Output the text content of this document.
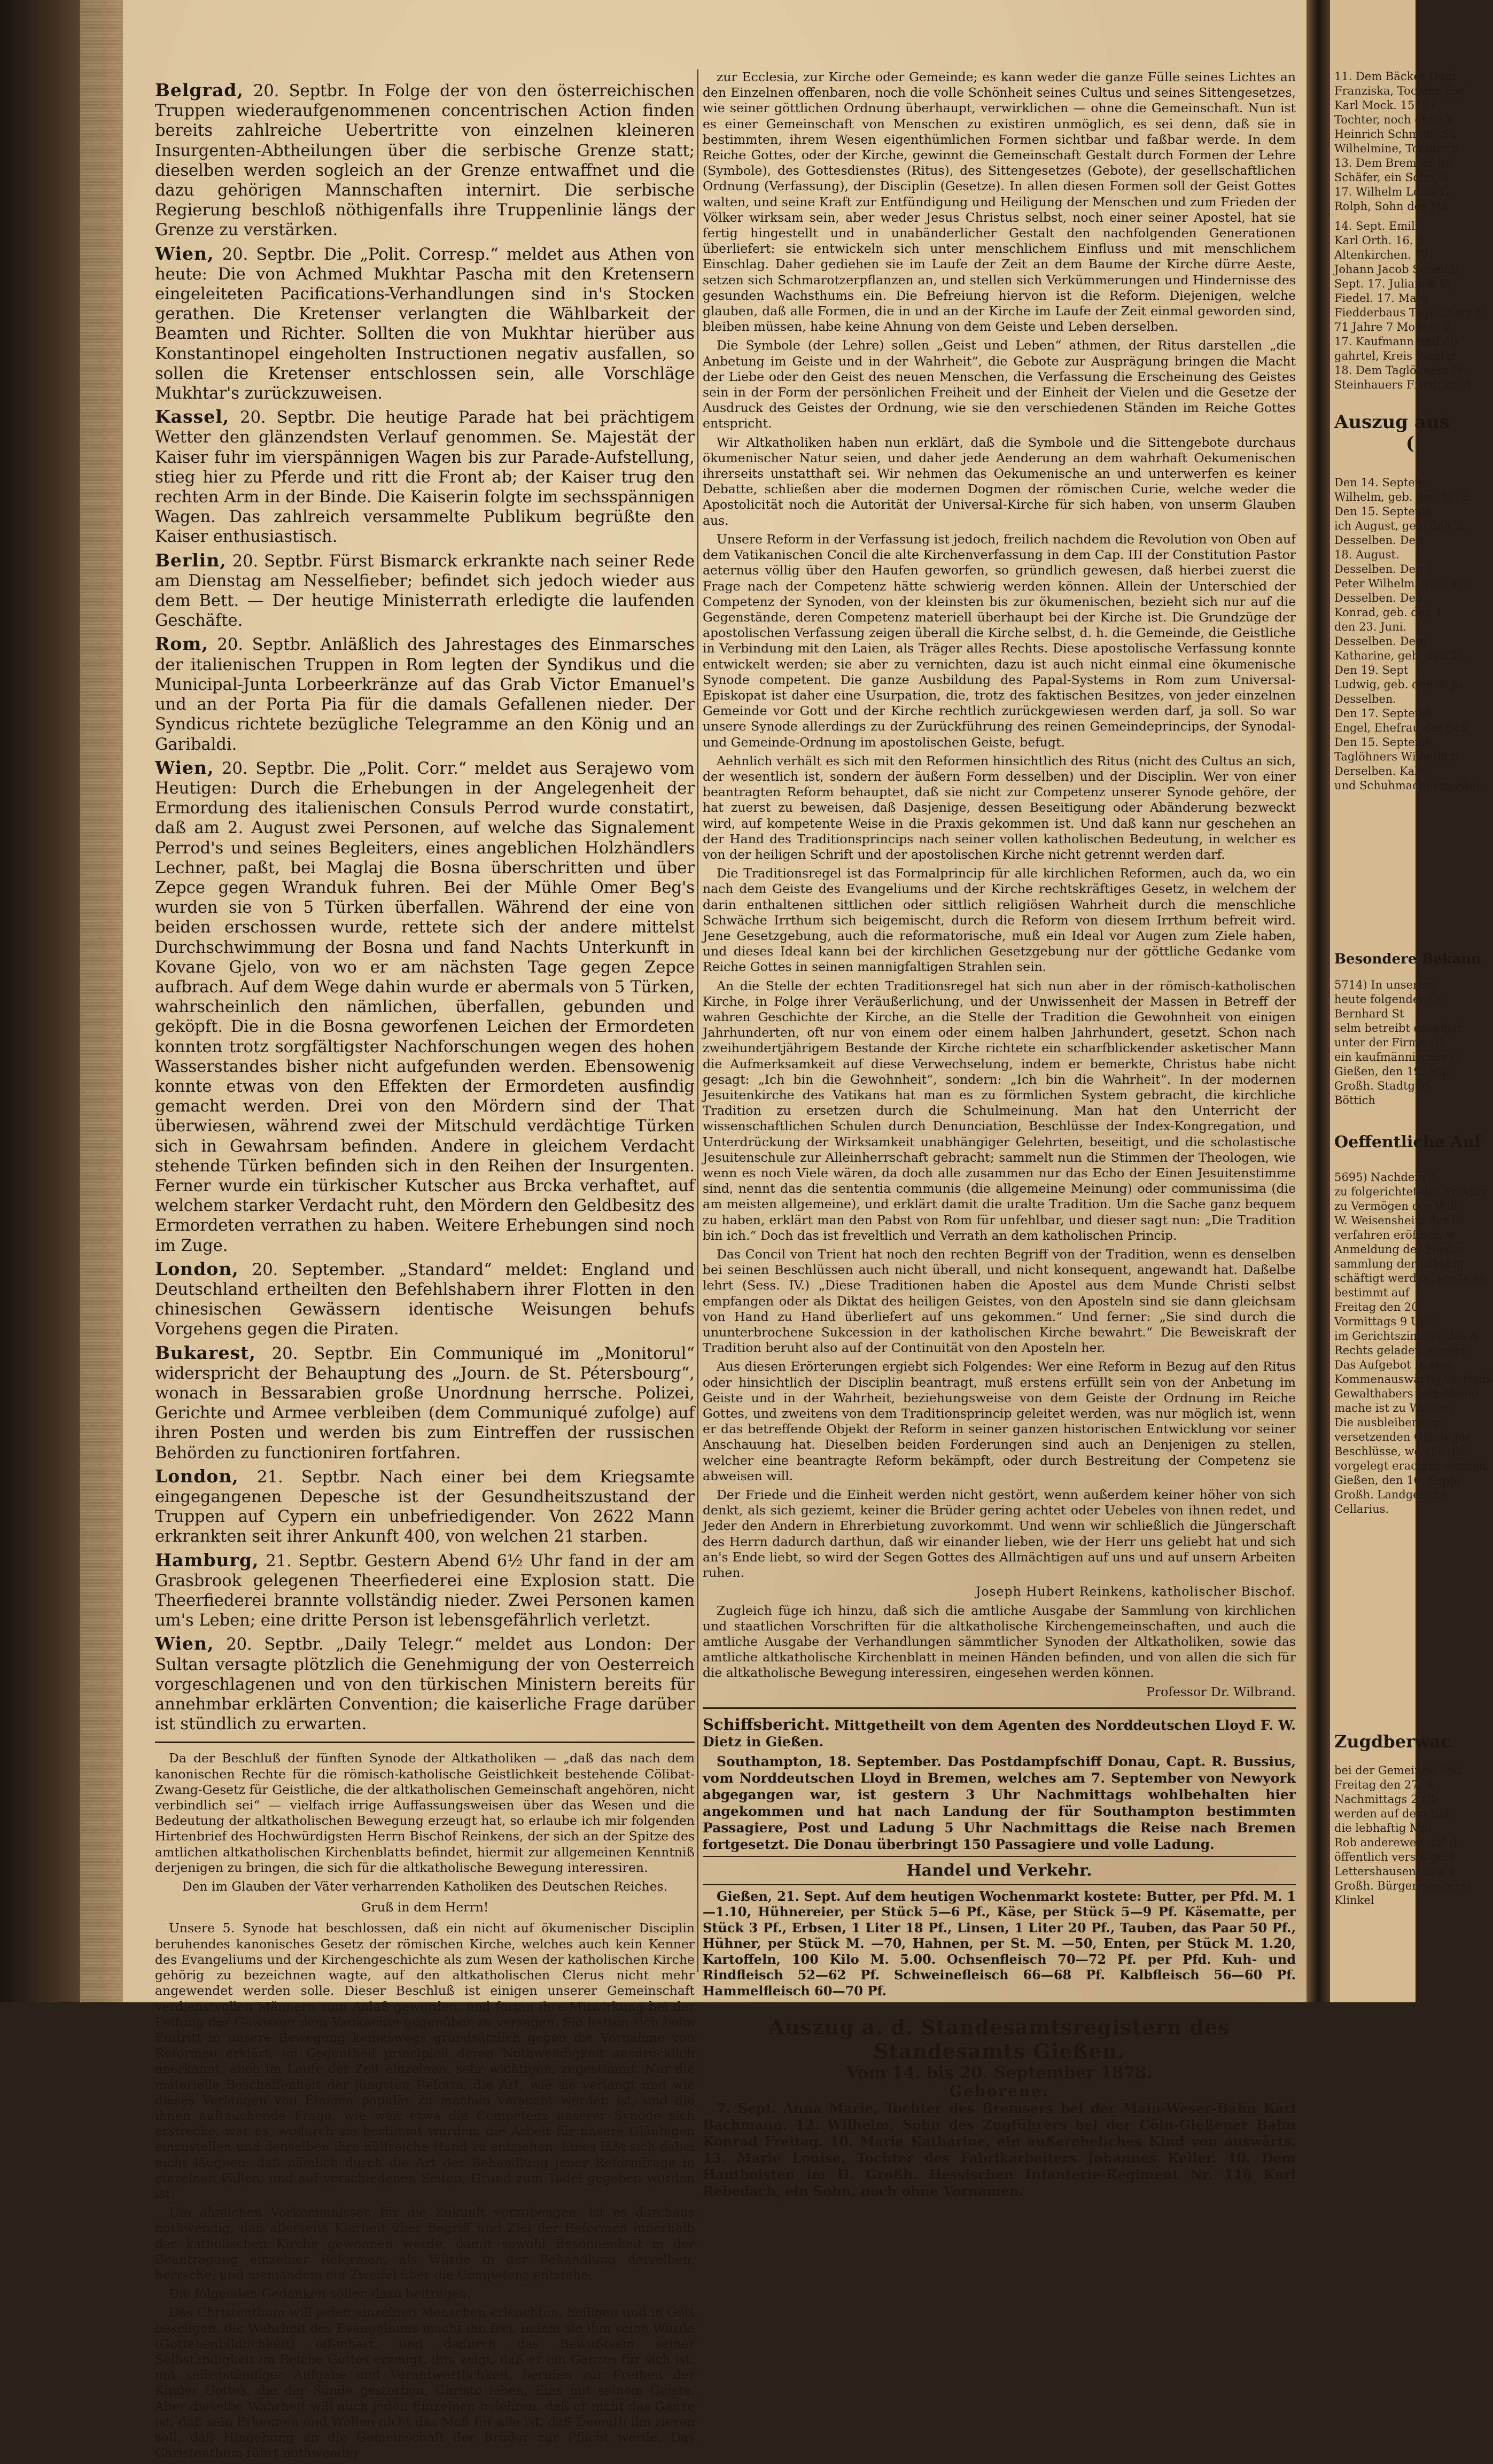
Belgrad, 20. Septbr. In Folge der von den österreichischen Truppen wiederaufgenommenen concentrischen Action finden bereits zahlreiche Uebertritte von einzelnen kleineren Insurgenten-Abtheilungen über die serbische Grenze statt; dieselben werden sogleich an der Grenze entwaffnet und die dazu gehörigen Mannschaften internirt. Die serbische Regierung beschloß nöthigenfalls ihre Truppenlinie längs der Grenze zu verstärken.

Wien, 20. Septbr. Die „Polit. Corresp.“ meldet aus Athen von heute: Die von Achmed Mukhtar Pascha mit den Kretensern eingeleiteten Pacifications-Verhandlungen sind in's Stocken gerathen. Die Kretenser verlangten die Wählbarkeit der Beamten und Richter. Sollten die von Mukhtar hierüber aus Konstantinopel eingeholten Instructionen negativ ausfallen, so sollen die Kretenser entschlossen sein, alle Vorschläge Mukhtar's zurückzuweisen.

Kassel, 20. Septbr. Die heutige Parade hat bei prächtigem Wetter den glänzendsten Verlauf genommen. Se. Majestät der Kaiser fuhr im vierspännigen Wagen bis zur Parade-Aufstellung, stieg hier zu Pferde und ritt die Front ab; der Kaiser trug den rechten Arm in der Binde. Die Kaiserin folgte im sechsspännigen Wagen. Das zahlreich versammelte Publikum begrüßte den Kaiser enthusiastisch.

Berlin, 20. Septbr. Fürst Bismarck erkrankte nach seiner Rede am Dienstag am Nesselfieber; befindet sich jedoch wieder aus dem Bett. — Der heutige Ministerrath erledigte die laufenden Geschäfte.

Rom, 20. Septbr. Anläßlich des Jahrestages des Einmarsches der italienischen Truppen in Rom legten der Syndikus und die Municipal-Junta Lorbeerkränze auf das Grab Victor Emanuel's und an der Porta Pia für die damals Gefallenen nieder. Der Syndicus richtete bezügliche Telegramme an den König und an Garibaldi.

Wien, 20. Septbr. Die „Polit. Corr.“ meldet aus Serajewo vom Heutigen: Durch die Erhebungen in der Angelegenheit der Ermordung des italienischen Consuls Perrod wurde constatirt, daß am 2. August zwei Personen, auf welche das Signalement Perrod's und seines Begleiters, eines angeblichen Holzhändlers Lechner, paßt, bei Maglaj die Bosna überschritten und über Zepce gegen Wranduk fuhren. Bei der Mühle Omer Beg's wurden sie von 5 Türken überfallen. Während der eine von beiden erschossen wurde, rettete sich der andere mittelst Durchschwimmung der Bosna und fand Nachts Unterkunft in Kovane Gjelo, von wo er am nächsten Tage gegen Zepce aufbrach. Auf dem Wege dahin wurde er abermals von 5 Türken, wahrscheinlich den nämlichen, überfallen, gebunden und geköpft. Die in die Bosna geworfenen Leichen der Ermordeten konnten trotz sorgfältigster Nachforschungen wegen des hohen Wasserstandes bisher nicht aufgefunden werden. Ebensowenig konnte etwas von den Effekten der Ermordeten ausfindig gemacht werden. Drei von den Mördern sind der That überwiesen, während zwei der Mitschuld verdächtige Türken sich in Gewahrsam befinden. Andere in gleichem Verdacht stehende Türken befinden sich in den Reihen der Insurgenten. Ferner wurde ein türkischer Kutscher aus Brcka verhaftet, auf welchem starker Verdacht ruht, den Mördern den Geldbesitz des Ermordeten verrathen zu haben. Weitere Erhebungen sind noch im Zuge.

London, 20. September. „Standard“ meldet: England und Deutschland ertheilten den Befehlshabern ihrer Flotten in den chinesischen Gewässern identische Weisungen behufs Vorgehens gegen die Piraten.

Bukarest, 20. Septbr. Ein Communiqué im „Monitorul“ widerspricht der Behauptung des „Journ. de St. Pétersbourg“, wonach in Bessarabien große Unordnung herrsche. Polizei, Gerichte und Armee verbleiben (dem Communiqué zufolge) auf ihren Posten und werden bis zum Eintreffen der russischen Behörden zu functioniren fortfahren.

London, 21. Septbr. Nach einer bei dem Kriegsamte eingegangenen Depesche ist der Gesundheitszustand der Truppen auf Cypern ein unbefriedigender. Von 2622 Mann erkrankten seit ihrer Ankunft 400, von welchen 21 starben.

Hamburg, 21. Septbr. Gestern Abend 6½ Uhr fand in der am Grasbrook gelegenen Theerfiederei eine Explosion statt. Die Theerfiederei brannte vollständig nieder. Zwei Personen kamen um's Leben; eine dritte Person ist lebensgefährlich verletzt.

Wien, 20. Septbr. „Daily Telegr.“ meldet aus London: Der Sultan versagte plötzlich die Genehmigung der von Oesterreich vorgeschlagenen und von den türkischen Ministern bereits für annehmbar erklärten Convention; die kaiserliche Frage darüber ist stündlich zu erwarten.

Da der Beschluß der fünften Synode der Altkatholiken — „daß das nach dem kanonischen Rechte für die römisch-katholische Geistlichkeit bestehende Cölibat-Zwang-Gesetz für Geistliche, die der altkatholischen Gemeinschaft angehören, nicht verbindlich sei“ — vielfach irrige Auffassungsweisen über das Wesen und die Bedeutung der altkatholischen Bewegung erzeugt hat, so erlaube ich mir folgenden Hirtenbrief des Hochwürdigsten Herrn Bischof Reinkens, der sich an der Spitze des amtlichen altkatholischen Kirchenblatts befindet, hiermit zur allgemeinen Kenntniß derjenigen zu bringen, die sich für die altkatholische Bewegung interessiren.

Den im Glauben der Väter verharrenden Katholiken des Deutschen Reiches.

Gruß in dem Herrn!

Unsere 5. Synode hat beschlossen, daß ein nicht auf ökumenischer Disciplin beruhendes kanonisches Gesetz der römischen Kirche, welches auch kein Kenner des Evangeliums und der Kirchengeschichte als zum Wesen der katholischen Kirche gehörig zu bezeichnen wagte, auf den altkatholischen Clerus nicht mehr angewendet werden solle. Dieser Beschluß ist einigen unserer Gemeinschaft verdienstvollen Männern zum Anlaß geworden, und fortan ihre Mitwirkung bei der Leitung der Gewissen dem Vatikanum gegenüber zu versagen. Sie hatten sich beim Eintritt in unsere Bewegung keineswegs grundsätzlich gegen die Vornahme von Reformen erklärt, im Gegentheil principiell deren Nothwendigkeit ausdrücklich anerkannt, auch im Laufe der Zeit einzelnen, sehr wichtigen, zugestimmt. Nur die materielle Beschaffenheit der jüngsten Reform, die Art, wie sie verlangt und wie dieses Verlangen von Einigen populär zu machen versucht worden ist, und die ihnen auftauchende Frage, wie weit etwa die Competenz unserer Synode sich erstrecke, war es, wodurch sie bestimmt wurden, die Arbeit für unsere Gläubigen einzustellen und denselben ihre hülfreiche Hand zu entziehen. Eines läßt sich dabei nicht läugnen: daß nämlich durch die Art der Behandlung jener Reformfrage in einzelnen Fällen, und auf verschiedenen Seiten, Grund zum Tadel gegeben worden ist.

Um ähnlichen Vorkommnissen für die Zukunft vorzubeugen, ist es durchaus nothwendig, daß allerseits Klarheit über Begriff und Ziel der Reformen innerhalb der katholischen Kirche gewonnen werde, damit sowohl Besonnenheit in der Beantragung einzelner Reformen, als Würde in der Behandlung derselben, herrsche, und niemandem ein Zweifel über die Competenz entstehe.

Die folgenden Gedanken sollen dazu beitragen.

Das Christenthum will jeden einzelnen Menschen erleuchten, heiligen und in Gott beseligen, die Wahrheit des Evangeliums macht ihn frei, indem sie ihm seine Würde (Gottebenbildlichkeit) offenbart, und dadurch das Bewußtsein seiner Selbständigkeit im Reiche Gottes erzeugt, ihm zeigt, daß er ein Ganzes für sich ist, mit selbstständiger Aufgabe und Verantwortlichkeit, berufen zur Freiheit der Kinder Gottes, die der Sünde gestorben, Christo leben, Eins mit seinem Geiste. Aber dieselbe Wahrheit will auch jeden Einzelnen belehren, daß er nicht das Ganze ist, daß sein Erkennen und Wollen nicht das Maß für alle ist, daß Demuth ihn zieren soll, daß Hingebung an die Gemeinschaft der Brüder zur Pflicht werde. Das Christenthum führt nothwendig

zur Ecclesia, zur Kirche oder Gemeinde; es kann weder die ganze Fülle seines Lichtes an den Einzelnen offenbaren, noch die volle Schönheit seines Cultus und seines Sittengesetzes, wie seiner göttlichen Ordnung überhaupt, verwirklichen — ohne die Gemeinschaft. Nun ist es einer Gemeinschaft von Menschen zu existiren unmöglich, es sei denn, daß sie in bestimmten, ihrem Wesen eigenthümlichen Formen sichtbar und faßbar werde. In dem Reiche Gottes, oder der Kirche, gewinnt die Gemeinschaft Gestalt durch Formen der Lehre (Symbole), des Gottesdienstes (Ritus), des Sittengesetzes (Gebote), der gesellschaftlichen Ordnung (Verfassung), der Disciplin (Gesetze). In allen diesen Formen soll der Geist Gottes walten, und seine Kraft zur Entfündigung und Heiligung der Menschen und zum Frieden der Völker wirksam sein, aber weder Jesus Christus selbst, noch einer seiner Apostel, hat sie fertig hingestellt und in unabänderlicher Gestalt den nachfolgenden Generationen überliefert: sie entwickeln sich unter menschlichem Einfluss und mit menschlichem Einschlag. Daher gediehen sie im Laufe der Zeit an dem Baume der Kirche dürre Aeste, setzen sich Schmarotzerpflanzen an, und stellen sich Verkümmerungen und Hindernisse des gesunden Wachsthums ein. Die Befreiung hiervon ist die Reform. Diejenigen, welche glauben, daß alle Formen, die in und an der Kirche im Laufe der Zeit einmal geworden sind, bleiben müssen, habe keine Ahnung von dem Geiste und Leben derselben.

Die Symbole (der Lehre) sollen „Geist und Leben“ athmen, der Ritus darstellen „die Anbetung im Geiste und in der Wahrheit“, die Gebote zur Ausprägung bringen die Macht der Liebe oder den Geist des neuen Menschen, die Verfassung die Erscheinung des Geistes sein in der Form der persönlichen Freiheit und der Einheit der Vielen und die Gesetze der Ausdruck des Geistes der Ordnung, wie sie den verschiedenen Ständen im Reiche Gottes entspricht.

Wir Altkatholiken haben nun erklärt, daß die Symbole und die Sittengebote durchaus ökumenischer Natur seien, und daher jede Aenderung an dem wahrhaft Oekumenischen ihrerseits unstatthaft sei. Wir nehmen das Oekumenische an und unterwerfen es keiner Debatte, schließen aber die modernen Dogmen der römischen Curie, welche weder die Apostolicität noch die Autorität der Universal-Kirche für sich haben, von unserm Glauben aus.

Unsere Reform in der Verfassung ist jedoch, freilich nachdem die Revolution von Oben auf dem Vatikanischen Concil die alte Kirchenverfassung in dem Cap. III der Constitution Pastor aeternus völlig über den Haufen geworfen, so gründlich gewesen, daß hierbei zuerst die Frage nach der Competenz hätte schwierig werden können. Allein der Unterschied der Competenz der Synoden, von der kleinsten bis zur ökumenischen, bezieht sich nur auf die Gegenstände, deren Competenz materiell überhaupt bei der Kirche ist. Die Grundzüge der apostolischen Verfassung zeigen überall die Kirche selbst, d. h. die Gemeinde, die Geistliche in Verbindung mit den Laien, als Träger alles Rechts. Diese apostolische Verfassung konnte entwickelt werden; sie aber zu vernichten, dazu ist auch nicht einmal eine ökumenische Synode competent. Die ganze Ausbildung des Papal-Systems in Rom zum Universal-Episkopat ist daher eine Usurpation, die, trotz des faktischen Besitzes, von jeder einzelnen Gemeinde vor Gott und der Kirche rechtlich zurückgewiesen werden darf, ja soll. So war unsere Synode allerdings zu der Zurückführung des reinen Gemeindeprincips, der Synodal- und Gemeinde-Ordnung im apostolischen Geiste, befugt.

Aehnlich verhält es sich mit den Reformen hinsichtlich des Ritus (nicht des Cultus an sich, der wesentlich ist, sondern der äußern Form desselben) und der Disciplin. Wer von einer beantragten Reform behauptet, daß sie nicht zur Competenz unserer Synode gehöre, der hat zuerst zu beweisen, daß Dasjenige, dessen Beseitigung oder Abänderung bezweckt wird, auf kompetente Weise in die Praxis gekommen ist. Und daß kann nur geschehen an der Hand des Traditionsprincips nach seiner vollen katholischen Bedeutung, in welcher es von der heiligen Schrift und der apostolischen Kirche nicht getrennt werden darf.

Die Traditionsregel ist das Formalprincip für alle kirchlichen Reformen, auch da, wo ein nach dem Geiste des Evangeliums und der Kirche rechtskräftiges Gesetz, in welchem der darin enthaltenen sittlichen oder sittlich religiösen Wahrheit durch die menschliche Schwäche Irrthum sich beigemischt, durch die Reform von diesem Irrthum befreit wird. Jene Gesetzgebung, auch die reformatorische, muß ein Ideal vor Augen zum Ziele haben, und dieses Ideal kann bei der kirchlichen Gesetzgebung nur der göttliche Gedanke vom Reiche Gottes in seinen mannigfaltigen Strahlen sein.

An die Stelle der echten Traditionsregel hat sich nun aber in der römisch-katholischen Kirche, in Folge ihrer Veräußerlichung, und der Unwissenheit der Massen in Betreff der wahren Geschichte der Kirche, an die Stelle der Tradition die Gewohnheit von einigen Jahrhunderten, oft nur von einem oder einem halben Jahrhundert, gesetzt. Schon nach zweihundertjährigem Bestande der Kirche richtete ein scharfblickender asketischer Mann die Aufmerksamkeit auf diese Verwechselung, indem er bemerkte, Christus habe nicht gesagt: „Ich bin die Gewohnheit“, sondern: „Ich bin die Wahrheit“. In der modernen Jesuitenkirche des Vatikans hat man es zu förmlichen System gebracht, die kirchliche Tradition zu ersetzen durch die Schulmeinung. Man hat den Unterricht der wissenschaftlichen Schulen durch Denunciation, Beschlüsse der Index-Kongregation, und Unterdrückung der Wirksamkeit unabhängiger Gelehrten, beseitigt, und die scholastische Jesuitenschule zur Alleinherrschaft gebracht; sammelt nun die Stimmen der Theologen, wie wenn es noch Viele wären, da doch alle zusammen nur das Echo der Einen Jesuitenstimme sind, nennt das die sententia communis (die allgemeine Meinung) oder communissima (die am meisten allgemeine), und erklärt damit die uralte Tradition. Um die Sache ganz bequem zu haben, erklärt man den Pabst von Rom für unfehlbar, und dieser sagt nun: „Die Tradition bin ich.“ Doch das ist freveltlich und Verrath an dem katholischen Princip.

Das Concil von Trient hat noch den rechten Begriff von der Tradition, wenn es denselben bei seinen Beschlüssen auch nicht überall, und nicht konsequent, angewandt hat. Daßelbe lehrt (Sess. IV.) „Diese Traditionen haben die Apostel aus dem Munde Christi selbst empfangen oder als Diktat des heiligen Geistes, von den Aposteln sind sie dann gleichsam von Hand zu Hand überliefert auf uns gekommen.“ Und ferner: „Sie sind durch die ununterbrochene Sukcession in der katholischen Kirche bewahrt.“ Die Beweiskraft der Tradition beruht also auf der Continuität von den Aposteln her.

Aus diesen Erörterungen ergiebt sich Folgendes: Wer eine Reform in Bezug auf den Ritus oder hinsichtlich der Disciplin beantragt, muß erstens erfüllt sein von der Anbetung im Geiste und in der Wahrheit, beziehungsweise von dem Geiste der Ordnung im Reiche Gottes, und zweitens von dem Traditionsprincip geleitet werden, was nur möglich ist, wenn er das betreffende Objekt der Reform in seiner ganzen historischen Entwicklung vor seiner Anschauung hat. Dieselben beiden Forderungen sind auch an Denjenigen zu stellen, welcher eine beantragte Reform bekämpft, oder durch Bestreitung der Competenz sie abweisen will.

Der Friede und die Einheit werden nicht gestört, wenn außerdem keiner höher von sich denkt, als sich geziemt, keiner die Brüder gering achtet oder Uebeles von ihnen redet, und Jeder den Andern in Ehrerbietung zuvorkommt. Und wenn wir schließlich die Jüngerschaft des Herrn dadurch darthun, daß wir einander lieben, wie der Herr uns geliebt hat und sich an's Ende liebt, so wird der Segen Gottes des Allmächtigen auf uns und auf unsern Arbeiten ruhen.

Joseph Hubert Reinkens, katholischer Bischof.

Zugleich füge ich hinzu, daß sich die amtliche Ausgabe der Sammlung von kirchlichen und staatlichen Vorschriften für die altkatholische Kirchengemeinschaften, und auch die amtliche Ausgabe der Verhandlungen sämmtlicher Synoden der Altkatholiken, sowie das amtliche altkatholische Kirchenblatt in meinen Händen befinden, und von allen die sich für die altkatholische Bewegung interessiren, eingesehen werden können.

Professor Dr. Wilbrand.

Schiffsbericht. Mittgetheilt von dem Agenten des Norddeutschen Lloyd F. W. Dietz in Gießen.

Southampton, 18. September. Das Postdampfschiff Donau, Capt. R. Bussius, vom Norddeutschen Lloyd in Bremen, welches am 7. September von Newyork abgegangen war, ist gestern 3 Uhr Nachmittags wohlbehalten hier angekommen und hat nach Landung der für Southampton bestimmten Passagiere, Post und Ladung 5 Uhr Nachmittags die Reise nach Bremen fortgesetzt. Die Donau überbringt 150 Passagiere und volle Ladung.

Handel und Verkehr.

Gießen, 21. Sept. Auf dem heutigen Wochenmarkt kostete: Butter, per Pfd. M. 1—1.10, Hühnereier, per Stück 5—6 Pf., Käse, per Stück 5—9 Pf. Käsematte, per Stück 3 Pf., Erbsen, 1 Liter 18 Pf., Linsen, 1 Liter 20 Pf., Tauben, das Paar 50 Pf., Hühner, per Stück M. —70, Hahnen, per St. M. —50, Enten, per Stück M. 1.20, Kartoffeln, 100 Kilo M. 5.00. Ochsenfleisch 70—72 Pf. per Pfd. Kuh- und Rindfleisch 52—62 Pf. Schweinefleisch 66—68 Pf. Kalbfleisch 56—60 Pf. Hammelfleisch 60—70 Pf.

Auszug a. d. Standesamtsregistern des Standesamts Gießen.
Vom 14. bis 20. September 1878.
Geborene.

7. Sept. Anna Marie, Tochter des Bremsers bei der Main-Weser-Bahn Karl Bachmann. 12. Wilhelm, Sohn des Zugführers bei der Cöln-Gießener Bahn Konrad Freitag. 10. Marie Katharine, ein außereheliches Kind von auswärts. 13. Marie Louise, Tochter des Fabrikarbeiters Johannes Keller. 10. Dem Hautboisten im II. Großh. Hessischen Infanterie-Regiment Nr. 116 Karl Rebedach, ein Sohn, noch ohne Vornamen.

11. Dem Bäcker Dani
Franziska, Tochter des
Karl Mock. 15. Di
Tochter, noch ohne V
Heinrich Schmidt, Sc
Wilhelmine, Tochter d
13. Dem Bremser be
Schäfer, ein Sohn, n
17. Wilhelm Louis G
Rolph, Sohn des Ma
14. Sept. Emili
Karl Orth. 16. S
Altenkirchen. 17.
Johann Jacob Schmidt
Sept. 17. Julianne Si
Fiedel. 17. Marg
Fiedderbaus Taglöhners H
71 Jahre 7 Monate 2
17. Kaufmann und Ag
gahrtel, Kreis Weglar.
18. Dem Taglöhners W
Steinhauers Friedrich A
Auszug aus
(
Den 14. Septem
Wilhelm, geb. den 30. S
Den 15. Septemb
ich August, geb. den 2.
Desselben. Den
18. August.
Desselben. Den 1
Peter Wilhelm, geb. den
Desselben. Den
Konrad, geb. den 1
den 23. Juni.
Desselben. Dem
Katharine, geb. den 11.
Den 19. Sept
Ludwig, geb. den 9. Ju
Desselben.
Den 17. Septemb
Engel, Ehefrau des Sch
Den 15. Septemb
Taglöhners Wilhelm S
Derselben. Kalb
und Schuhmachermeister
Besondere Bekann
5714) In unserem
heute folgender Ge
Bernhard St
selm betreibt daselbst
unter der Firma „B
ein kaufmännisches G
Gießen, den 19. Sep
Großh. Stadtgeri
Böttich
Oeffentliche Auf
5695) Nachdem d
zu folgerichtet der Provinz
zu Vermögen des Will
W. Weisensheim der Fr
verfahren eröffnet, w
Anmeldung der Forder
sammlung der Gläubig
schäftigt werden, sowie zu
bestimmt auf
Freitag den 20.
Vormittags 9 Uhr
im Gerichtszimmer des A
Rechts geladen werden
Das Aufgebot in eine
Kommenauswärtig verfrank
Gewalthabers selbstkünd
mache ist zu Wassers
Die ausbleibenden
versetzenden Gläubiger
Beschlüsse, welche die
vorgelegt erachtet werden
Gießen, den 16. Septe
Großh. Landgericht
Cellarius.
Zugdberwac
bei der Gemeinde Rod
Freitag den 27. S
Nachmittags 2 Uh
werden auf dem Rat
die lebhaftig Mai
Rob andereweit auf d
öffentlich versteigert.
Lettershausen, den 1
Großh. Bürgermeisterei
Klinkel
